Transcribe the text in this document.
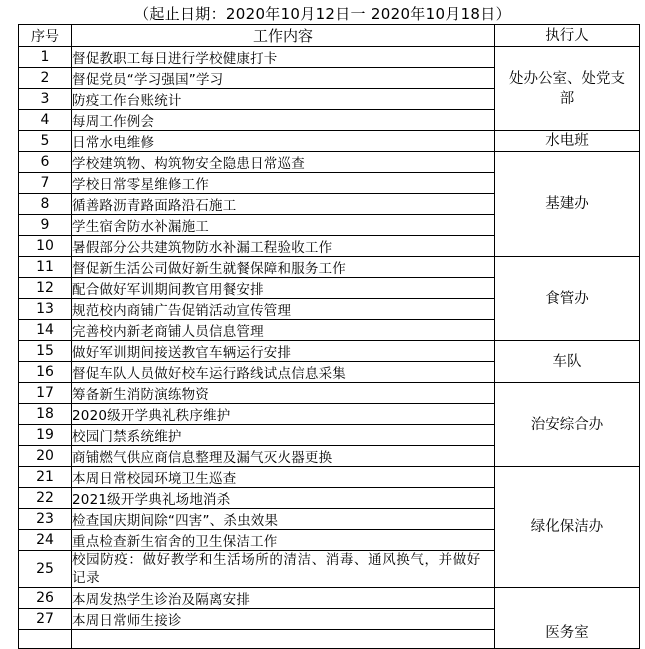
（起止日期：2020年10月12日一 2020年10月18日）
序号	工作内容	执行人
1	督促教职工每日进行学校健康打卡	处办公室、处党支部
2	督促党员“学习强国”学习	
3	防疫工作台账统计	
4	每周工作例会	
5	日常水电维修	水电班
6	学校建筑物、构筑物安全隐患日常巡查	基建办
7	学校日常零星维修工作	
8	循善路沥青路面路沿石施工	
9	学生宿舍防水补漏施工	
10	暑假部分公共建筑物防水补漏工程验收工作	
11	督促新生活公司做好新生就餐保障和服务工作	食管办
12	配合做好军训期间教官用餐安排	
13	规范校内商铺广告促销活动宣传管理	
14	完善校内新老商铺人员信息管理	
15	做好军训期间接送教官车辆运行安排	车队
16	督促车队人员做好校车运行路线试点信息采集	
17	筹备新生消防演练物资	治安综合办
18	2020级开学典礼秩序维护	
19	校园门禁系统维护	
20	商铺燃气供应商信息整理及漏气灭火器更换	
21	本周日常校园环境卫生巡查	绿化保洁办
22	2021级开学典礼场地消杀	
23	检查国庆期间除“四害”、杀虫效果	
24	重点检查新生宿舍的卫生保洁工作	
25	校园防疫：做好教学和生活场所的清洁、消毒、通风换气，并做好记录	
26	本周发热学生诊治及隔离安排	医务室
27	本周日常师生接诊	
